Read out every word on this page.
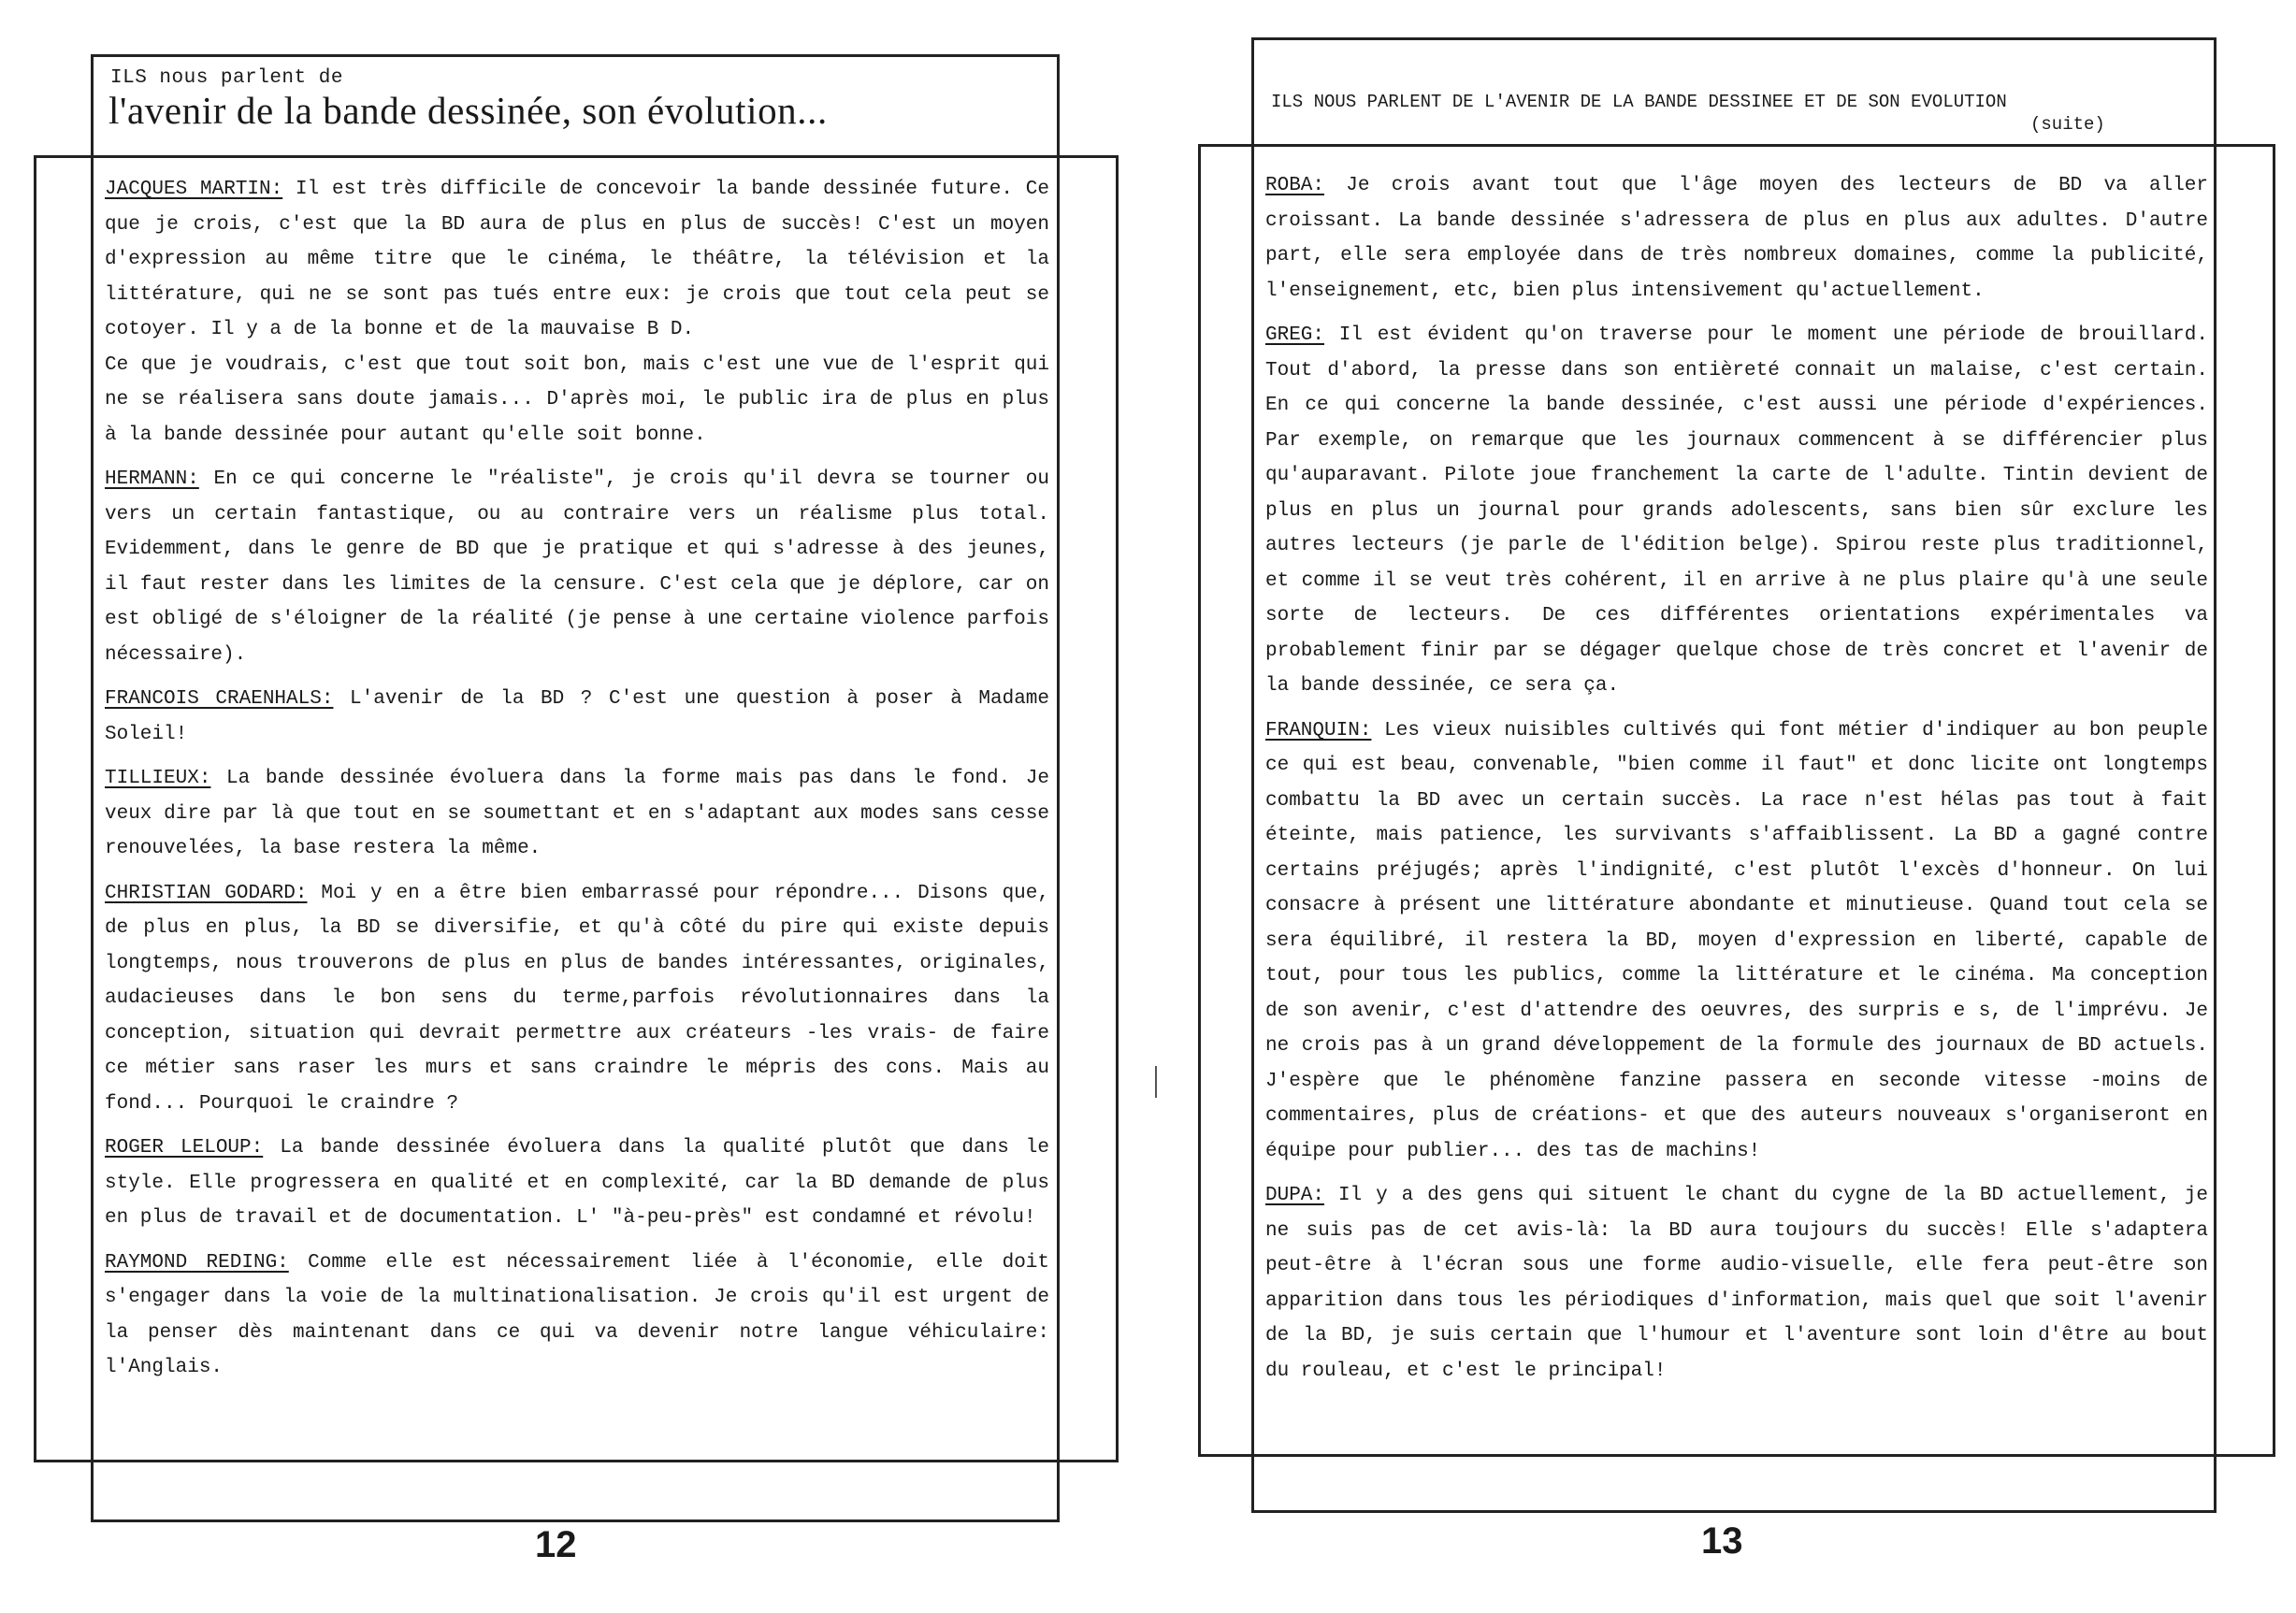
ILS nous parlent de
l'avenir de la bande dessinée, son évolution...

JACQUES MARTIN: Il est très difficile de concevoir la bande dessinée future. Ce que je crois, c'est que la BD aura de plus en plus de succès! C'est un moyen d'expression au même titre que le cinéma, le théâtre, la télévision et la littérature, qui ne se sont pas tués entre eux: je crois que tout cela peut se cotoyer. Il y a de la bonne et de la mauvaise B D.
Ce que je voudrais, c'est que tout soit bon, mais c'est une vue de l'esprit qui ne se réalisera sans doute jamais... D'après moi, le public ira de plus en plus à la bande dessinée pour autant qu'elle soit bonne.

HERMANN: En ce qui concerne le "réaliste", je crois qu'il devra se tourner ou vers un certain fantastique, ou au contraire vers un réalisme plus total. Evidemment, dans le genre de BD que je pratique et qui s'adresse à des jeunes, il faut rester dans les limites de la censure. C'est cela que je déplore, car on est obligé de s'éloigner de la réalité (je pense à une certaine violence parfois nécessaire).

FRANCOIS CRAENHALS: L'avenir de la BD ? C'est une question à poser à Madame Soleil!

TILLIEUX: La bande dessinée évoluera dans la forme mais pas dans le fond. Je veux dire par là que tout en se soumettant et en s'adaptant aux modes sans cesse renouvelées, la base restera la même.

CHRISTIAN GODARD: Moi y en a être bien embarrassé pour répondre... Disons que, de plus en plus, la BD se diversifie, et qu'à côté du pire qui existe depuis longtemps, nous trouverons de plus en plus de bandes intéressantes, originales, audacieuses dans le bon sens du terme,parfois révolutionnaires dans la conception, situation qui devrait permettre aux créateurs -les vrais- de faire ce métier sans raser les murs et sans craindre le mépris des cons. Mais au fond... Pourquoi le craindre ?

ROGER LELOUP: La bande dessinée évoluera dans la qualité plutôt que dans le style. Elle progressera en qualité et en complexité, car la BD demande de plus en plus de travail et de documentation. L' "à-peu-près" est condamné et révolu!

RAYMOND REDING: Comme elle est nécessairement liée à l'économie, elle doit s'engager dans la voie de la multinationalisation. Je crois qu'il est urgent de la penser dès maintenant dans ce qui va devenir notre langue véhiculaire: l'Anglais.

12
ILS NOUS PARLENT DE L'AVENIR DE LA BANDE DESSINEE ET DE SON EVOLUTION
(suite)

ROBA: Je crois avant tout que l'âge moyen des lecteurs de BD va aller croissant. La bande dessinée s'adressera de plus en plus aux adultes. D'autre part, elle sera employée dans de très nombreux domaines, comme la publicité, l'enseignement, etc, bien plus intensivement qu'actuellement.

GREG: Il est évident qu'on traverse pour le moment une période de brouillard. Tout d'abord, la presse dans son entièreté connait un malaise, c'est certain. En ce qui concerne la bande dessinée, c'est aussi une période d'expériences. Par exemple, on remarque que les journaux commencent à se différencier plus qu'auparavant. Pilote joue franchement la carte de l'adulte. Tintin devient de plus en plus un journal pour grands adolescents, sans bien sûr exclure les autres lecteurs (je parle de l'édition belge). Spirou reste plus traditionnel, et comme il se veut très cohérent, il en arrive à ne plus plaire qu'à une seule sorte de lecteurs. De ces différentes orientations expérimentales va probablement finir par se dégager quelque chose de très concret et l'avenir de la bande dessinée, ce sera ça.

FRANQUIN: Les vieux nuisibles cultivés qui font métier d'indiquer au bon peuple ce qui est beau, convenable, "bien comme il faut" et donc licite ont longtemps combattu la BD avec un certain succès. La race n'est hélas pas tout à fait éteinte, mais patience, les survivants s'affaiblissent. La BD a gagné contre certains préjugés; après l'indignité, c'est plutôt l'excès d'honneur. On lui consacre à présent une littérature abondante et minutieuse. Quand tout cela se sera équilibré, il restera la BD, moyen d'expression en liberté, capable de tout, pour tous les publics, comme la littérature et le cinéma. Ma conception de son avenir, c'est d'attendre des oeuvres, des surpris e s, de l'imprévu. Je ne crois pas à un grand développement de la formule des journaux de BD actuels. J'espère que le phénomène fanzine passera en seconde vitesse -moins de commentaires, plus de créations- et que des auteurs nouveaux s'organiseront en équipe pour publier... des tas de machins!

DUPA: Il y a des gens qui situent le chant du cygne de la BD actuellement, je ne suis pas de cet avis-là: la BD aura toujours du succès! Elle s'adaptera peut-être à l'écran sous une forme audio-visuelle, elle fera peut-être son apparition dans tous les périodiques d'information, mais quel que soit l'avenir de la BD, je suis certain que l'humour et l'aventure sont loin d'être au bout du rouleau, et c'est le principal!

13
